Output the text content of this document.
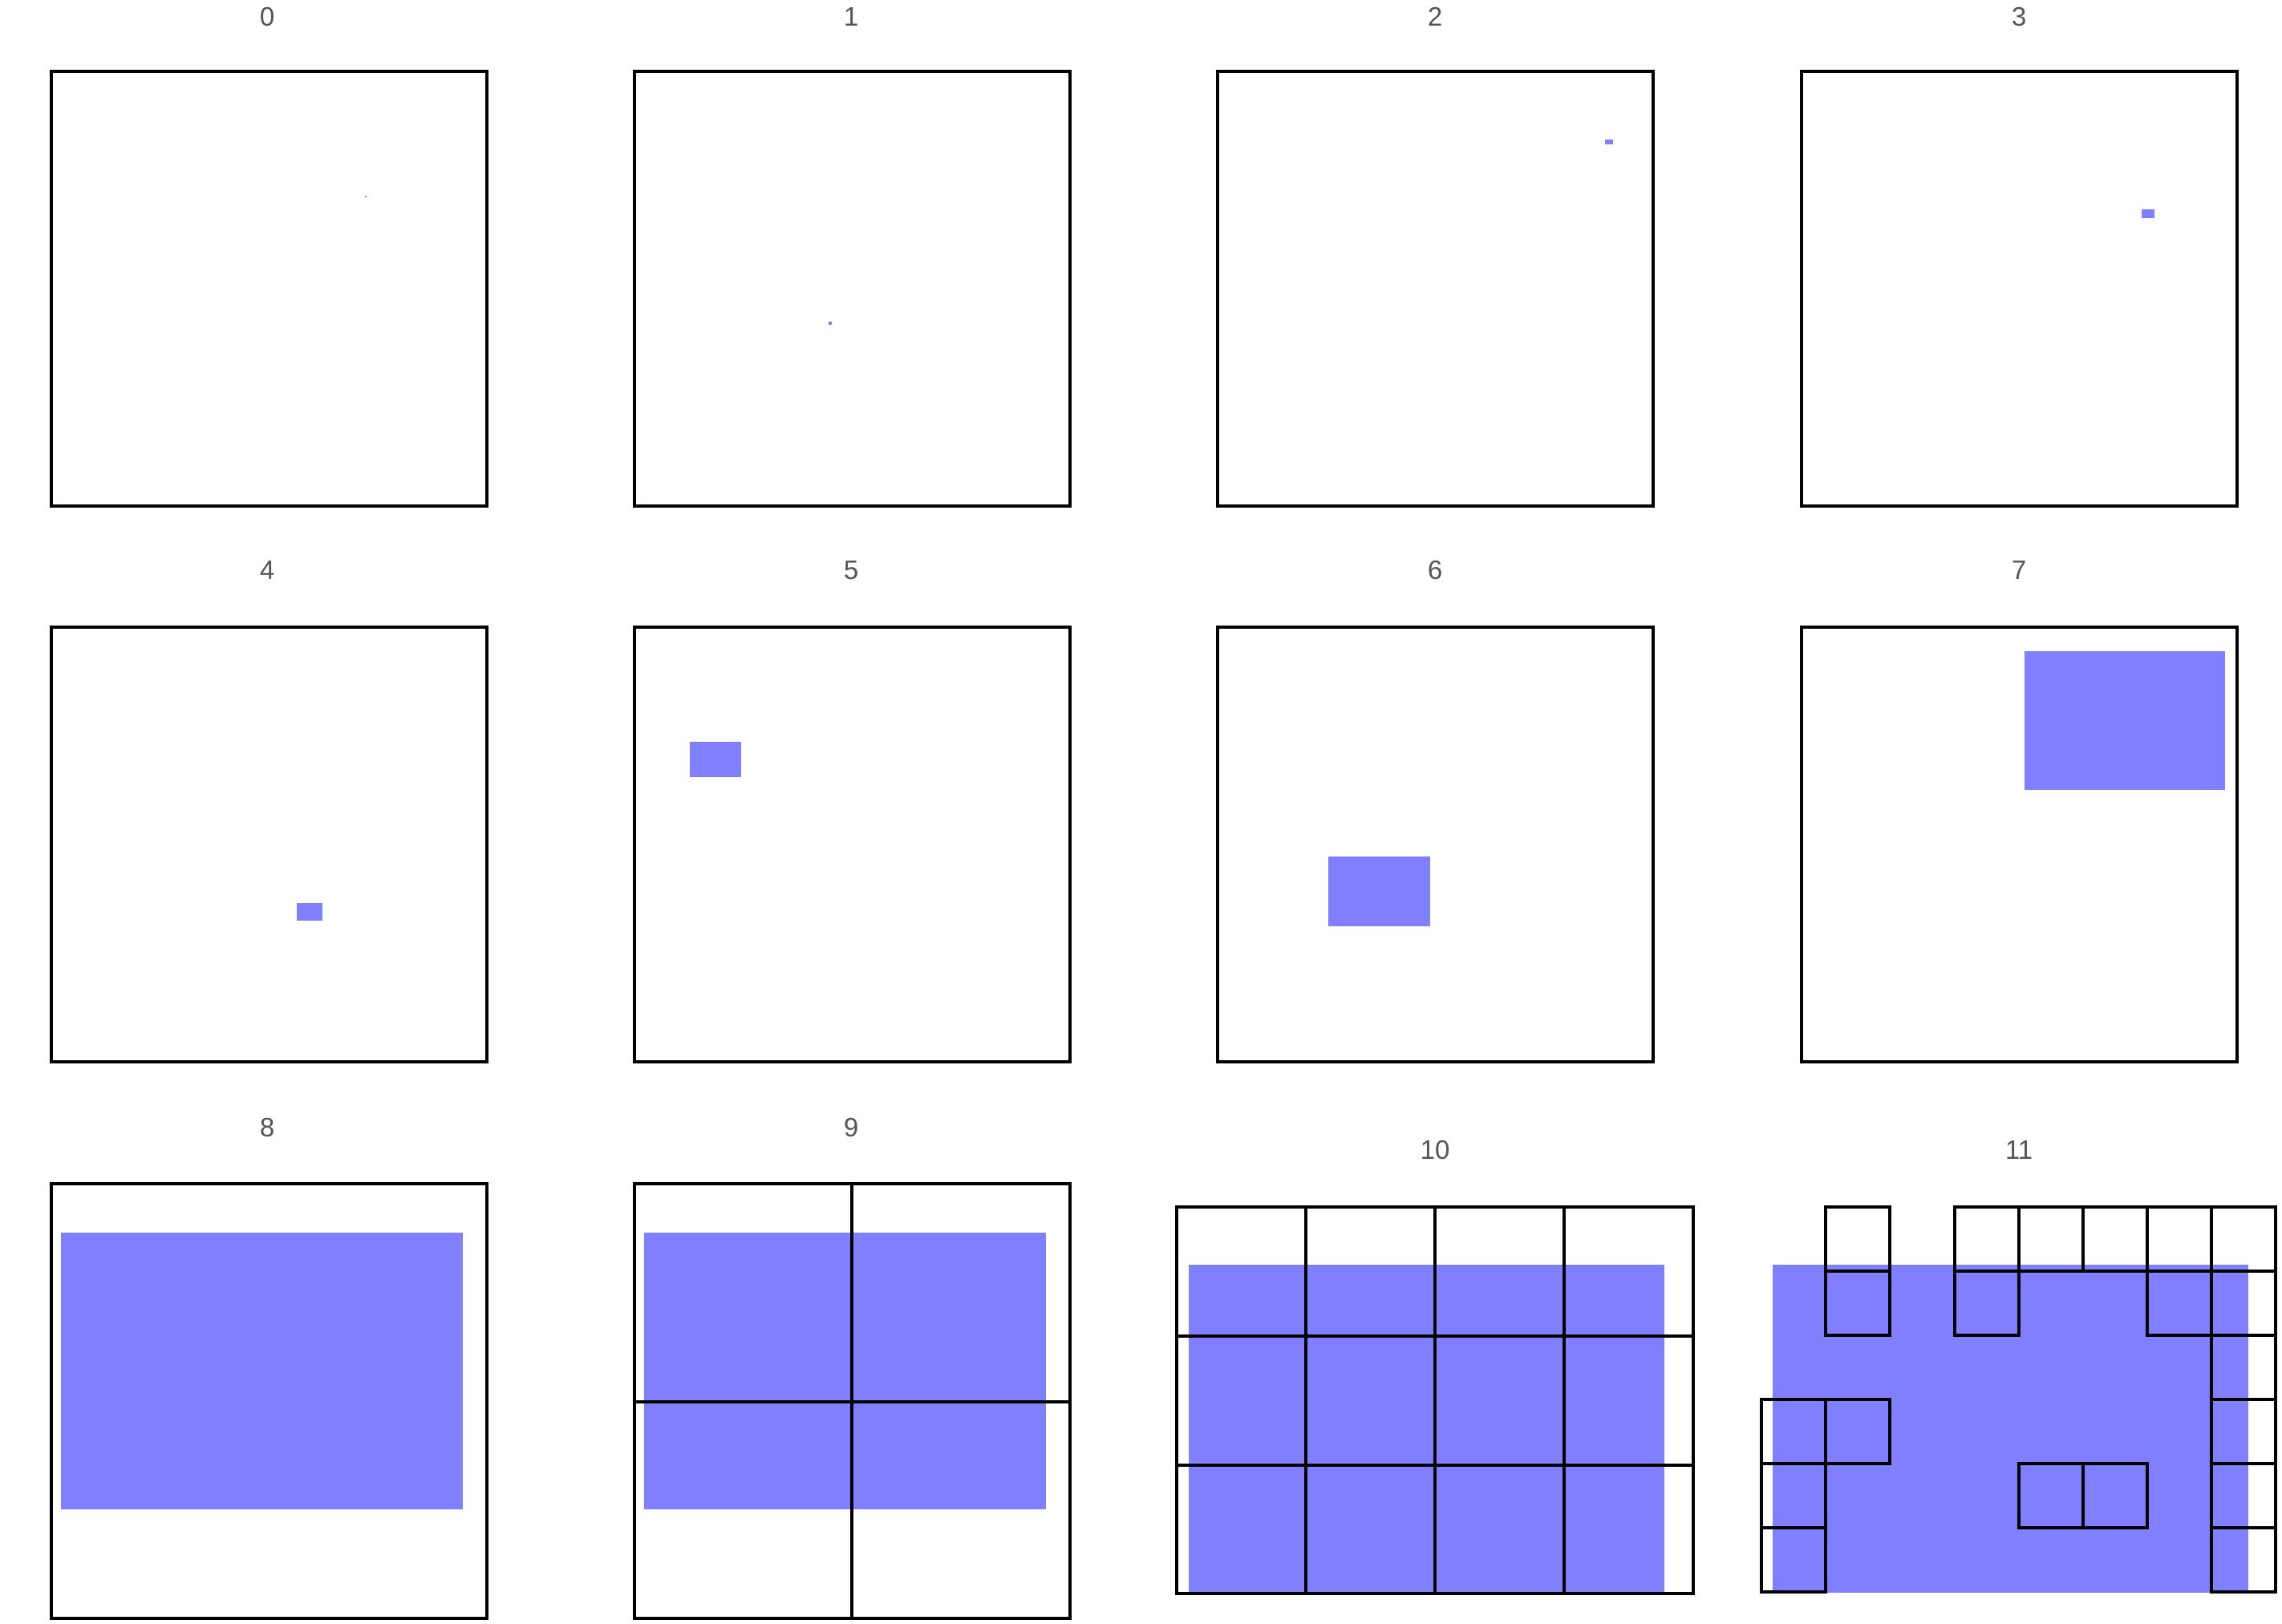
0	1	2	3
4	5	6	7
8	9
10	11
